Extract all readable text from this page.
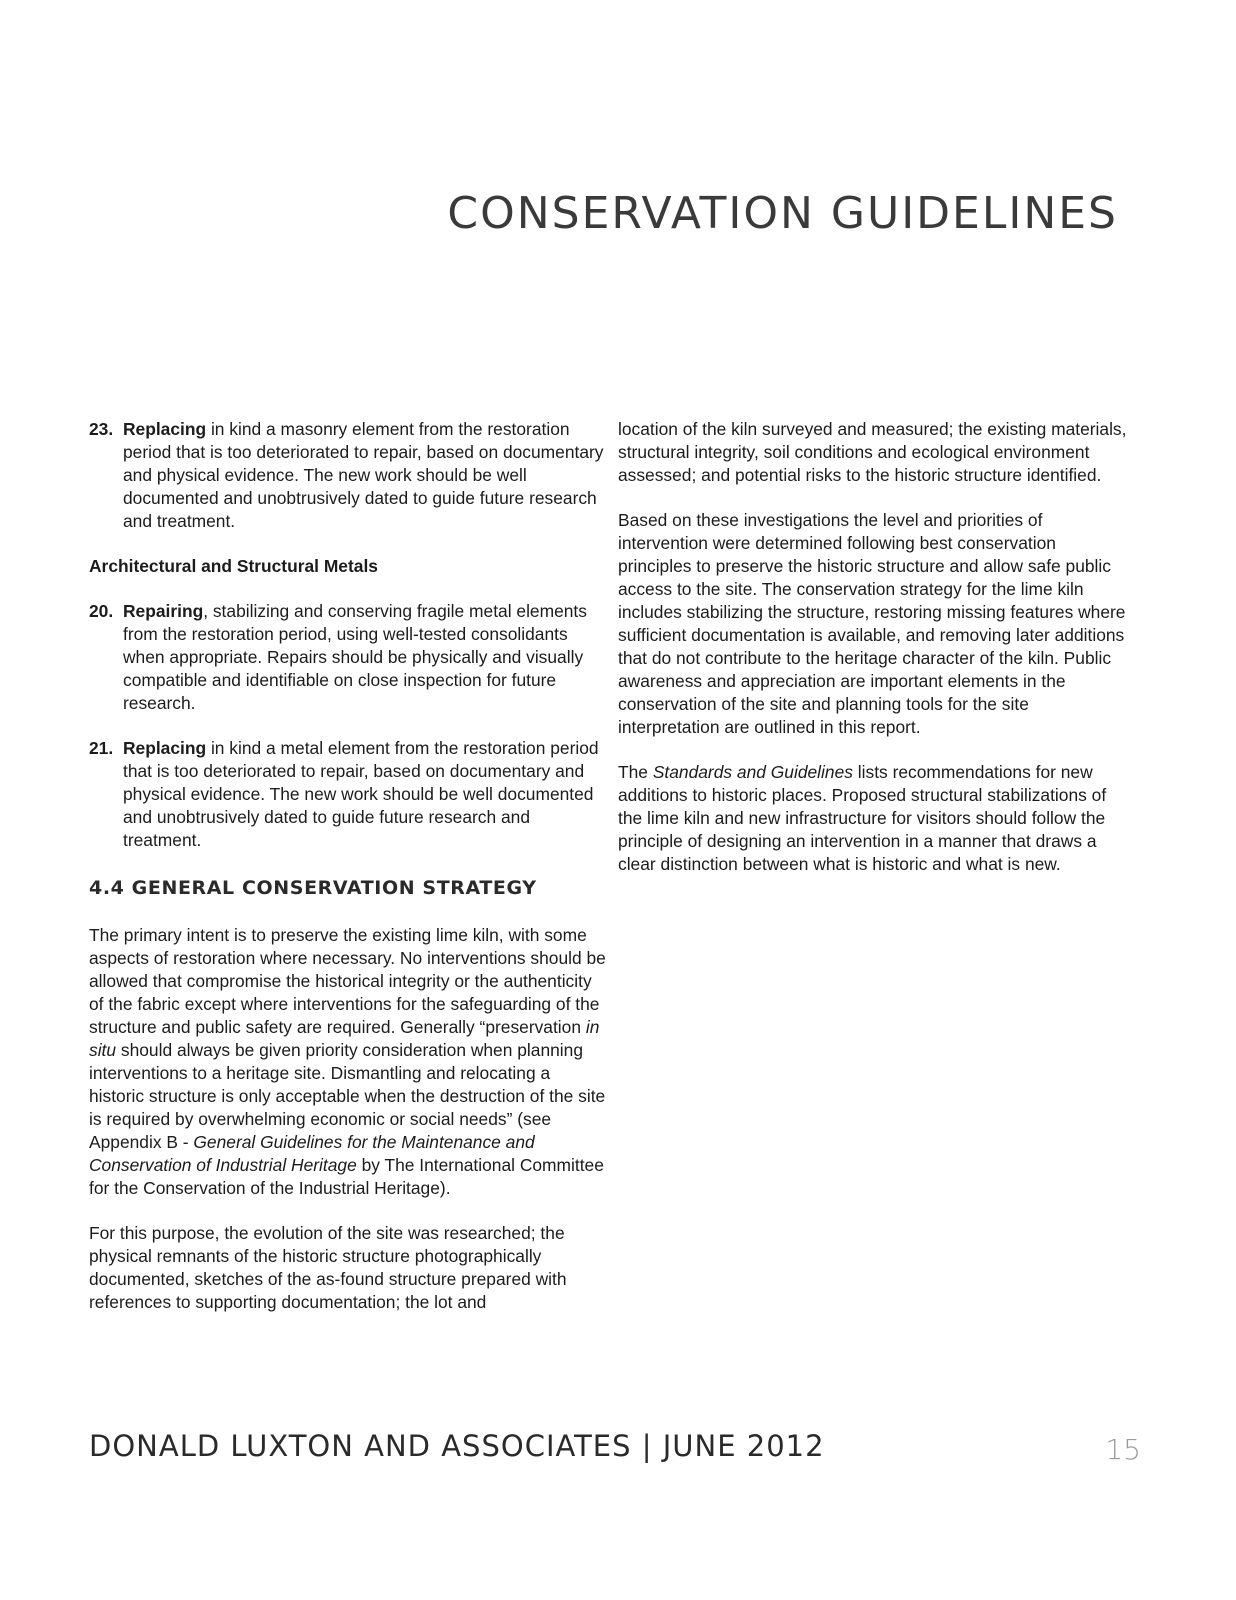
CONSERVATION GUIDELINES
23. Replacing in kind a masonry element from the restoration period that is too deteriorated to repair, based on documentary and physical evidence. The new work should be well documented and unobtrusively dated to guide future research and treatment.
Architectural and Structural Metals
20. Repairing, stabilizing and conserving fragile metal elements from the restoration period, using well-tested consolidants when appropriate. Repairs should be physically and visually compatible and identifiable on close inspection for future research.
21. Replacing in kind a metal element from the restoration period that is too deteriorated to repair, based on documentary and physical evidence. The new work should be well documented and unobtrusively dated to guide future research and treatment.
4.4 GENERAL CONSERVATION STRATEGY

The primary intent is to preserve the existing lime kiln, with some aspects of restoration where necessary. No interventions should be allowed that compromise the historical integrity or the authenticity of the fabric except where interventions for the safeguarding of the structure and public safety are required. Generally “preservation in situ should always be given priority consideration when planning interventions to a heritage site. Dismantling and relocating a historic structure is only acceptable when the destruction of the site is required by overwhelming economic or social needs” (see Appendix B - General Guidelines for the Maintenance and Conservation of Industrial Heritage by The International Committee for the Conservation of the Industrial Heritage).

For this purpose, the evolution of the site was researched; the physical remnants of the historic structure photographically documented, sketches of the as-found structure prepared with references to supporting documentation; the lot and

location of the kiln surveyed and measured; the existing materials, structural integrity, soil conditions and ecological environment assessed; and potential risks to the historic structure identified.

Based on these investigations the level and priorities of intervention were determined following best conservation principles to preserve the historic structure and allow safe public access to the site. The conservation strategy for the lime kiln includes stabilizing the structure, restoring missing features where sufficient documentation is available, and removing later additions that do not contribute to the heritage character of the kiln. Public awareness and appreciation are important elements in the conservation of the site and planning tools for the site interpretation are outlined in this report.

The Standards and Guidelines lists recommendations for new additions to historic places. Proposed structural stabilizations of the lime kiln and new infrastructure for visitors should follow the principle of designing an intervention in a manner that draws a clear distinction between what is historic and what is new.

DONALD LUXTON AND ASSOCIATES | JUNE 2012	15
